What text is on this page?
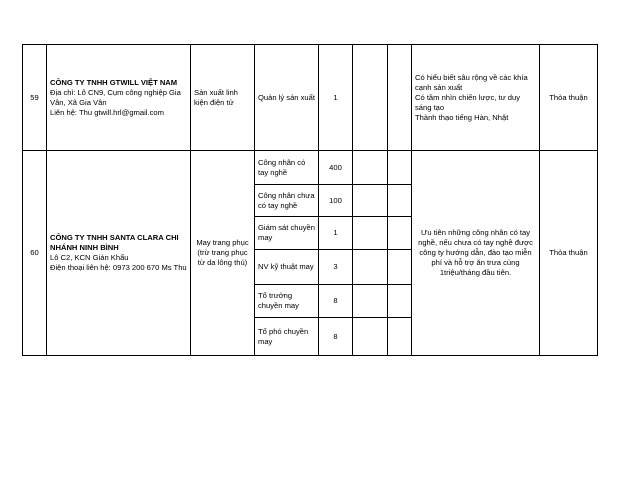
59	CÔNG TY TNHH GTWILL VIỆT NAM
Địa chỉ: Lô CN9, Cụm công nghiệp Gia Vân, Xã Gia Vân
Liên hệ: Thu gtwill.hrl@gmail.com	Sản xuất linh kiện điện tử	Quản lý sản xuất	1			Có hiểu biết sâu rộng về các khía cạnh sản xuất
Có tầm nhìn chiến lược, tư duy sáng tạo
Thành thạo tiếng Hàn, Nhật	Thỏa thuận
60	CÔNG TY TNHH SANTA CLARA CHI NHÁNH NINH BÌNH
Lô C2, KCN Gián Khẩu
Điện thoại liên hệ: 0973 200 670 Ms Thu	May trang phục (trừ trang phục từ da lông thú)	Công nhân có tay nghề	400			Ưu tiên những công nhân có tay nghề, nếu chưa có tay nghề được công ty hướng dẫn, đào tạo miễn phí và hỗ trợ ăn trưa cùng 1triệu/tháng đầu tiên.	Thỏa thuận
			Công nhân chưa có tay nghề	100				
			Giám sát chuyền may	1				
			NV kỹ thuật may	3				
			Tổ trưởng chuyền may	8				
			Tổ phó chuyền may	8				
